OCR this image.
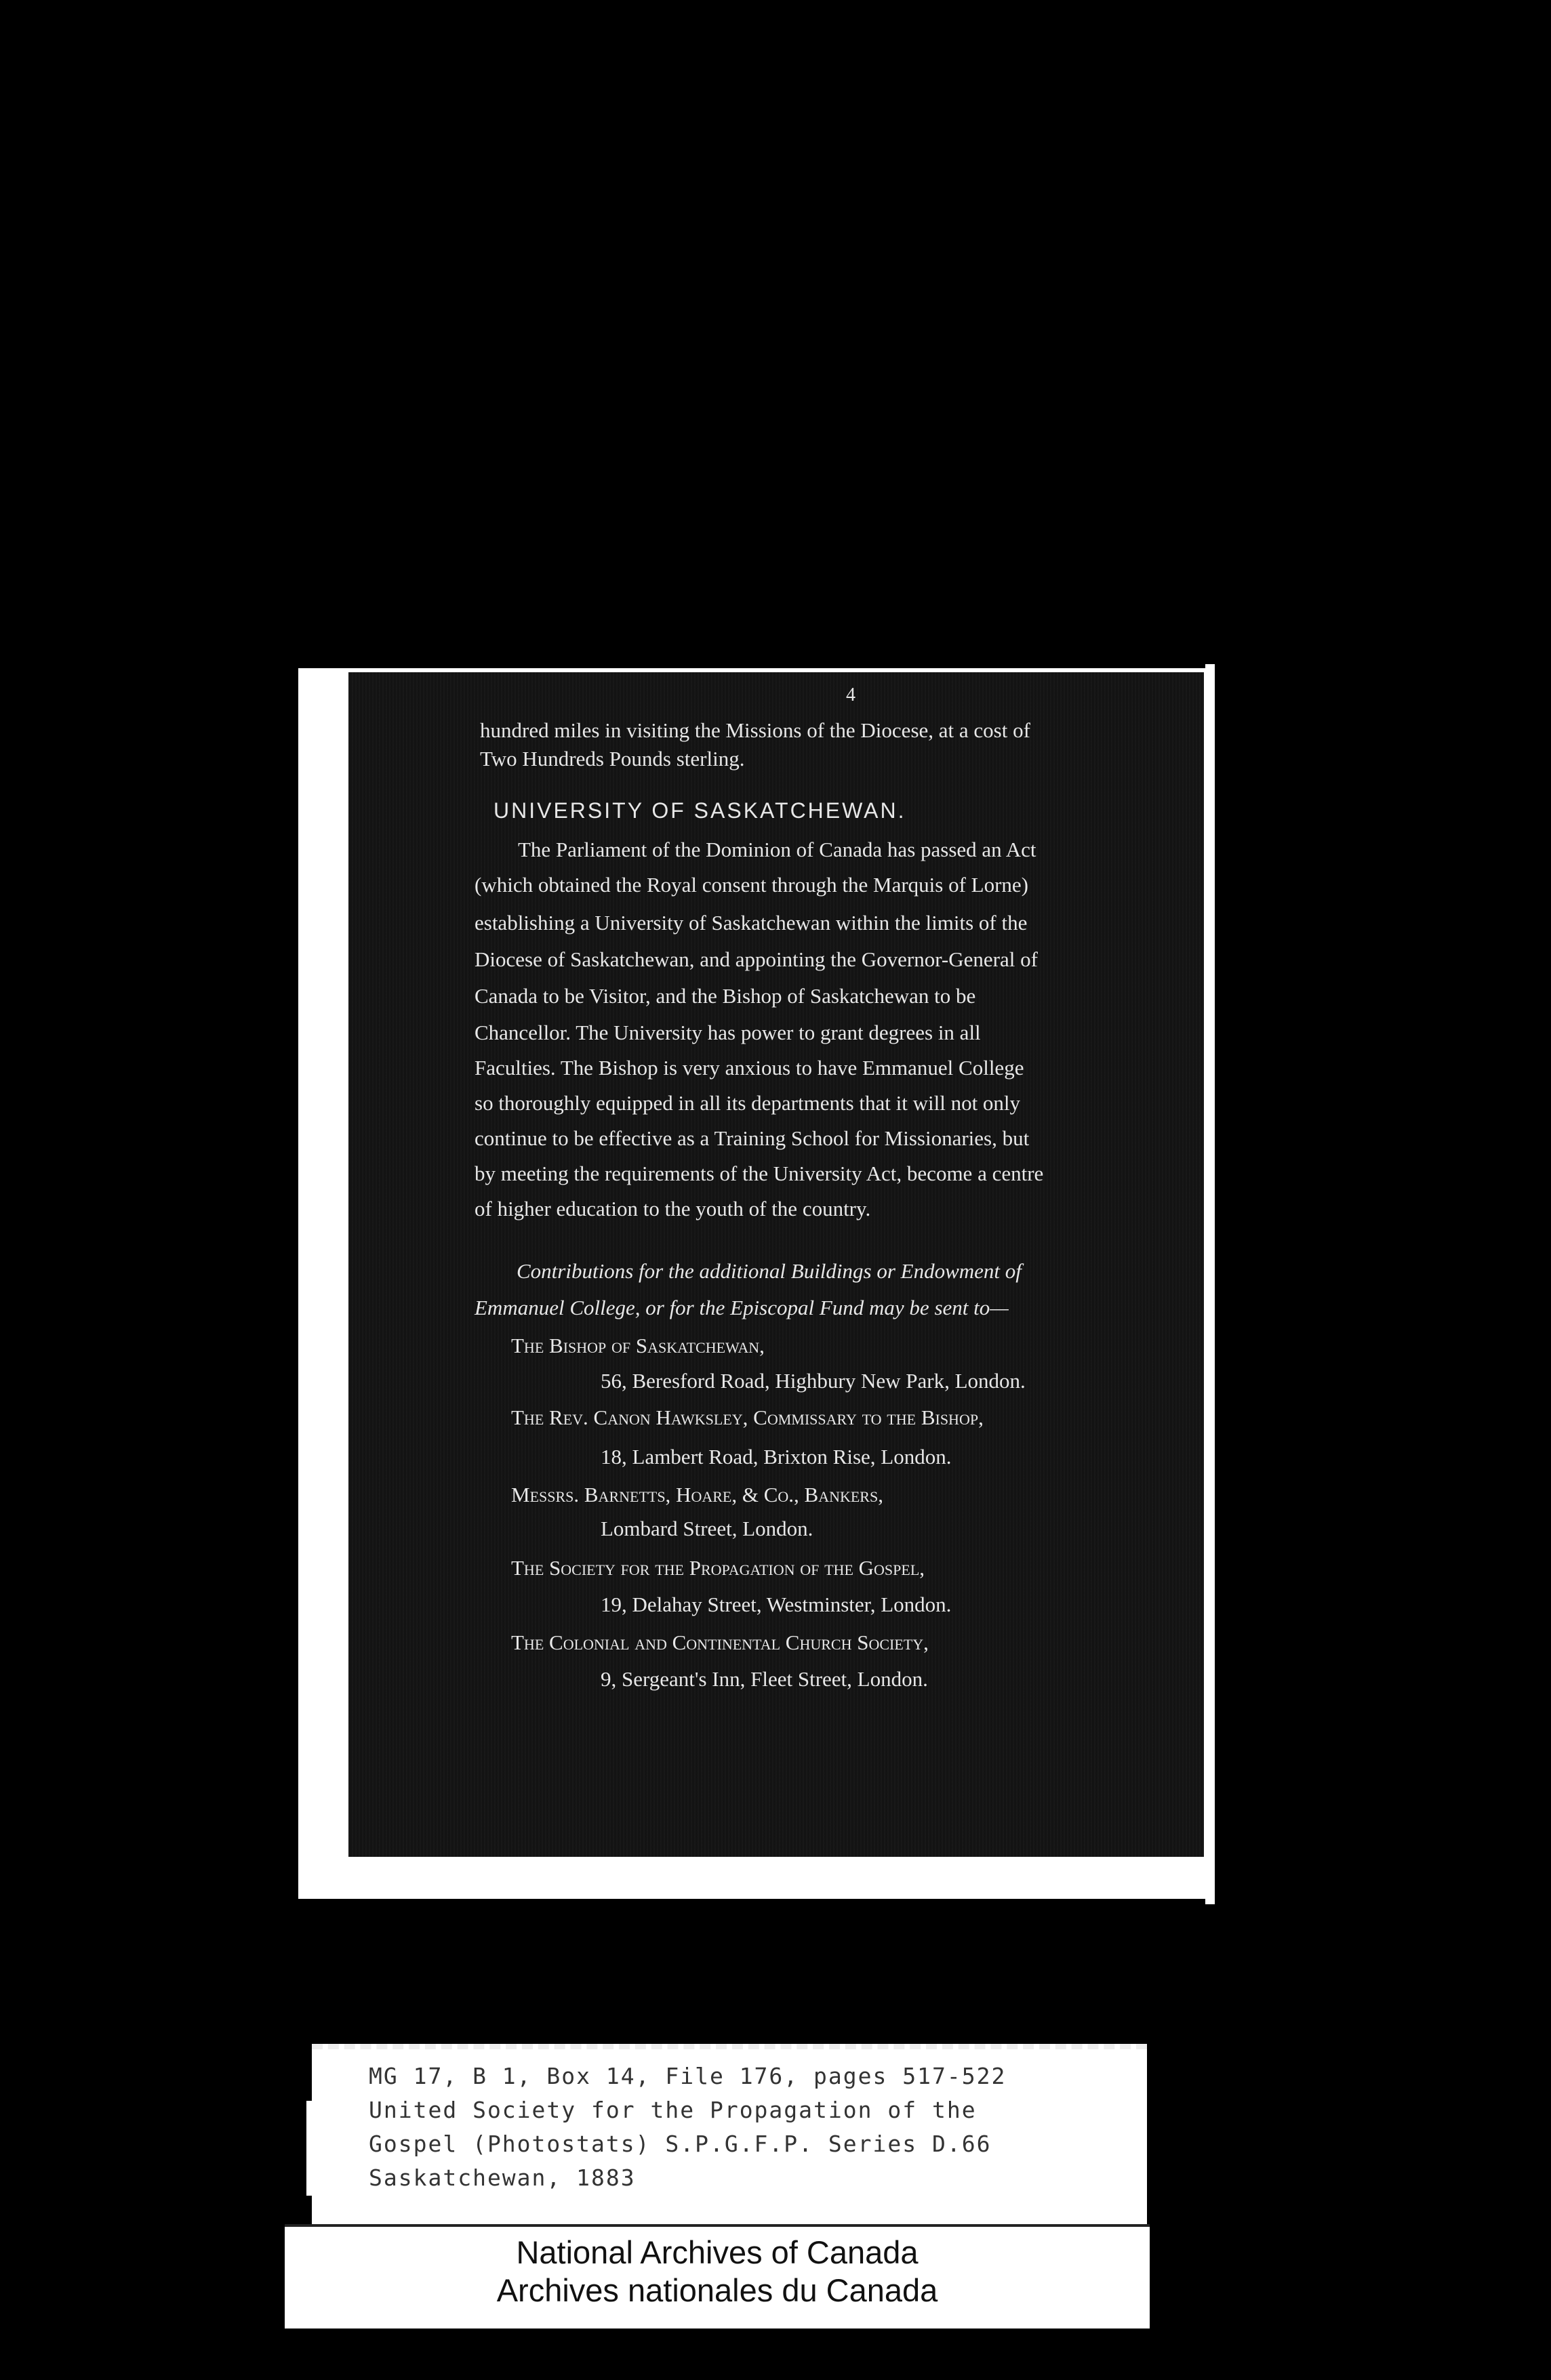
4
hundred miles in visiting the Missions of the Diocese, at a cost of
Two Hundreds Pounds sterling.
UNIVERSITY OF SASKATCHEWAN.
The Parliament of the Dominion of Canada has passed an Act
(which obtained the Royal consent through the Marquis of Lorne)
establishing a University of Saskatchewan within the limits of the
Diocese of Saskatchewan, and appointing the Governor-General of
Canada to be Visitor, and the Bishop of Saskatchewan to be
Chancellor. The University has power to grant degrees in all
Faculties. The Bishop is very anxious to have Emmanuel College
so thoroughly equipped in all its departments that it will not only
continue to be effective as a Training School for Missionaries, but
by meeting the requirements of the University Act, become a centre
of higher education to the youth of the country.
Contributions for the additional Buildings or Endowment of
Emmanuel College, or for the Episcopal Fund may be sent to—
The Bishop of Saskatchewan,
56, Beresford Road, Highbury New Park, London.
The Rev. Canon Hawksley, Commissary to the Bishop,
18, Lambert Road, Brixton Rise, London.
Messrs. Barnetts, Hoare, & Co., Bankers,
Lombard Street, London.
The Society for the Propagation of the Gospel,
19, Delahay Street, Westminster, London.
The Colonial and Continental Church Society,
9, Sergeant's Inn, Fleet Street, London.
MG 17, B 1, Box 14, File 176, pages 517-522
United Society for the Propagation of the
Gospel (Photostats) S.P.G.F.P. Series D.66
Saskatchewan, 1883
National Archives of Canada
Archives nationales du Canada
